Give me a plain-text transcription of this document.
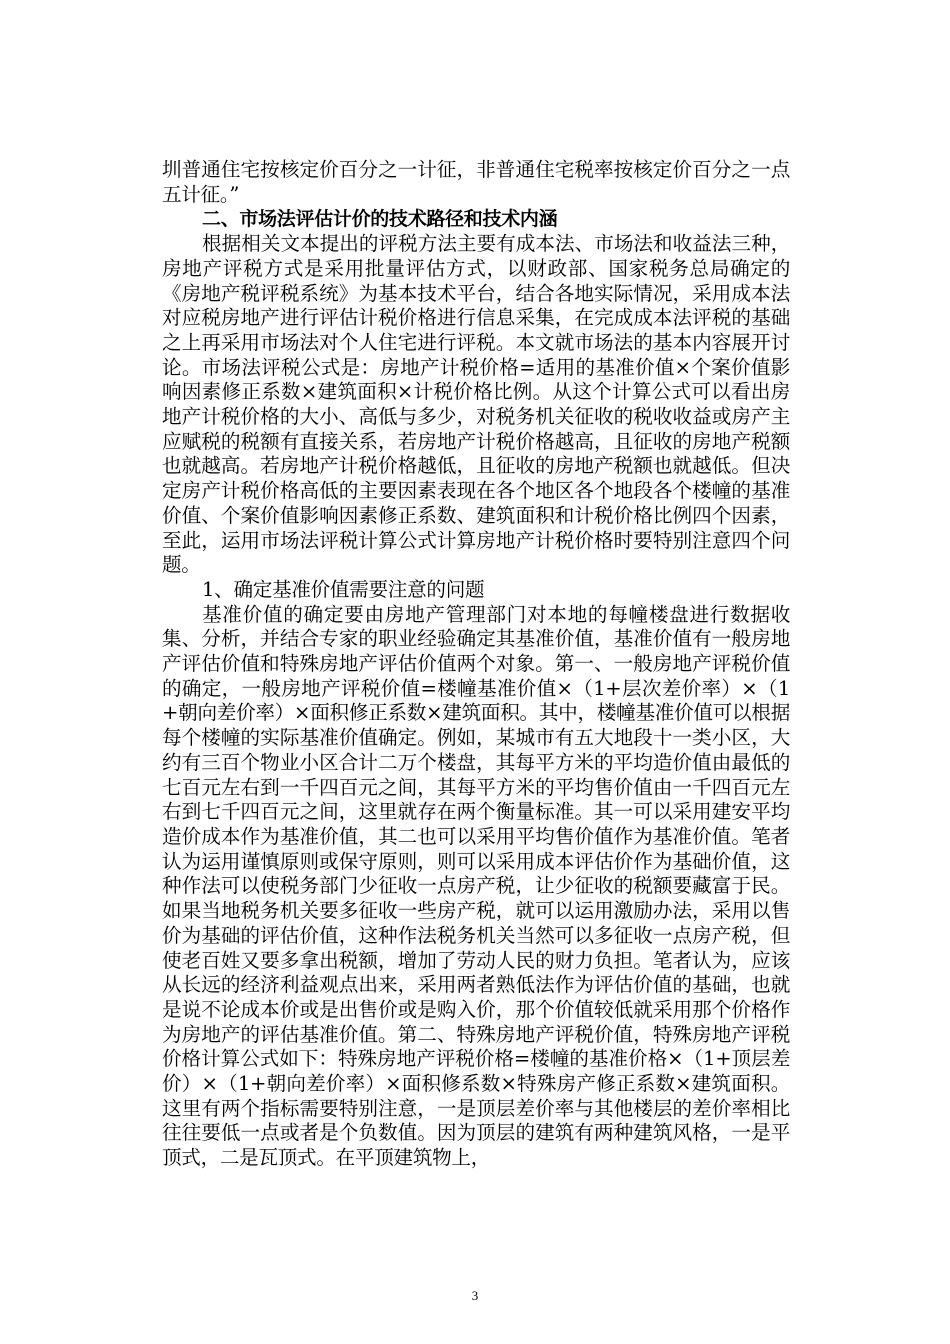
圳普通住宅按核定价百分之一计征，非普通住宅税率按核定价百分之一点五计征。”

二、市场法评估计价的技术路径和技术内涵

根据相关文本提出的评税方法主要有成本法、市场法和收益法三种，房地产评税方式是采用批量评估方式，以财政部、国家税务总局确定的《房地产税评税系统》为基本技术平台，结合各地实际情况，采用成本法对应税房地产进行评估计税价格进行信息采集，在完成成本法评税的基础之上再采用市场法对个人住宅进行评税。本文就市场法的基本内容展开讨论。市场法评税公式是：房地产计税价格=适用的基准价值×个案价值影响因素修正系数×建筑面积×计税价格比例。从这个计算公式可以看出房地产计税价格的大小、高低与多少，对税务机关征收的税收收益或房产主应赋税的税额有直接关系，若房地产计税价格越高，且征收的房地产税额也就越高。若房地产计税价格越低，且征收的房地产税额也就越低。但决定房产计税价格高低的主要因素表现在各个地区各个地段各个楼幢的基准价值、个案价值影响因素修正系数、建筑面积和计税价格比例四个因素，至此，运用市场法评税计算公式计算房地产计税价格时要特别注意四个问题。

1、确定基准价值需要注意的问题

基准价值的确定要由房地产管理部门对本地的每幢楼盘进行数据收集、分析，并结合专家的职业经验确定其基准价值，基准价值有一般房地产评估价值和特殊房地产评估价值两个对象。第一、一般房地产评税价值的确定，一般房地产评税价值=楼幢基准价值×（1+层次差价率）×（1+朝向差价率）×面积修正系数×建筑面积。其中，楼幢基准价值可以根据每个楼幢的实际基准价值确定。例如，某城市有五大地段十一类小区，大约有三百个物业小区合计二万个楼盘，其每平方米的平均造价值由最低的七百元左右到一千四百元之间，其每平方米的平均售价值由一千四百元左右到七千四百元之间，这里就存在两个衡量标准。其一可以采用建安平均造价成本作为基准价值，其二也可以采用平均售价值作为基准价值。笔者认为运用谨慎原则或保守原则，则可以采用成本评估价作为基础价值，这种作法可以使税务部门少征收一点房产税，让少征收的税额要藏富于民。如果当地税务机关要多征收一些房产税，就可以运用激励办法，采用以售价为基础的评估价值，这种作法税务机关当然可以多征收一点房产税，但使老百姓又要多拿出税额，增加了劳动人民的财力负担。笔者认为，应该从长远的经济利益观点出来，采用两者熟低法作为评估价值的基础，也就是说不论成本价或是出售价或是购入价，那个价值较低就采用那个价格作为房地产的评估基准价值。第二、特殊房地产评税价值，特殊房地产评税价格计算公式如下：特殊房地产评税价格=楼幢的基准价格×（1+顶层差价）×（1+朝向差价率）×面积修系数×特殊房产修正系数×建筑面积。这里有两个指标需要特别注意，一是顶层差价率与其他楼层的差价率相比往往要低一点或者是个负数值。因为顶层的建筑有两种建筑风格，一是平顶式，二是瓦顶式。在平顶建筑物上，

3
